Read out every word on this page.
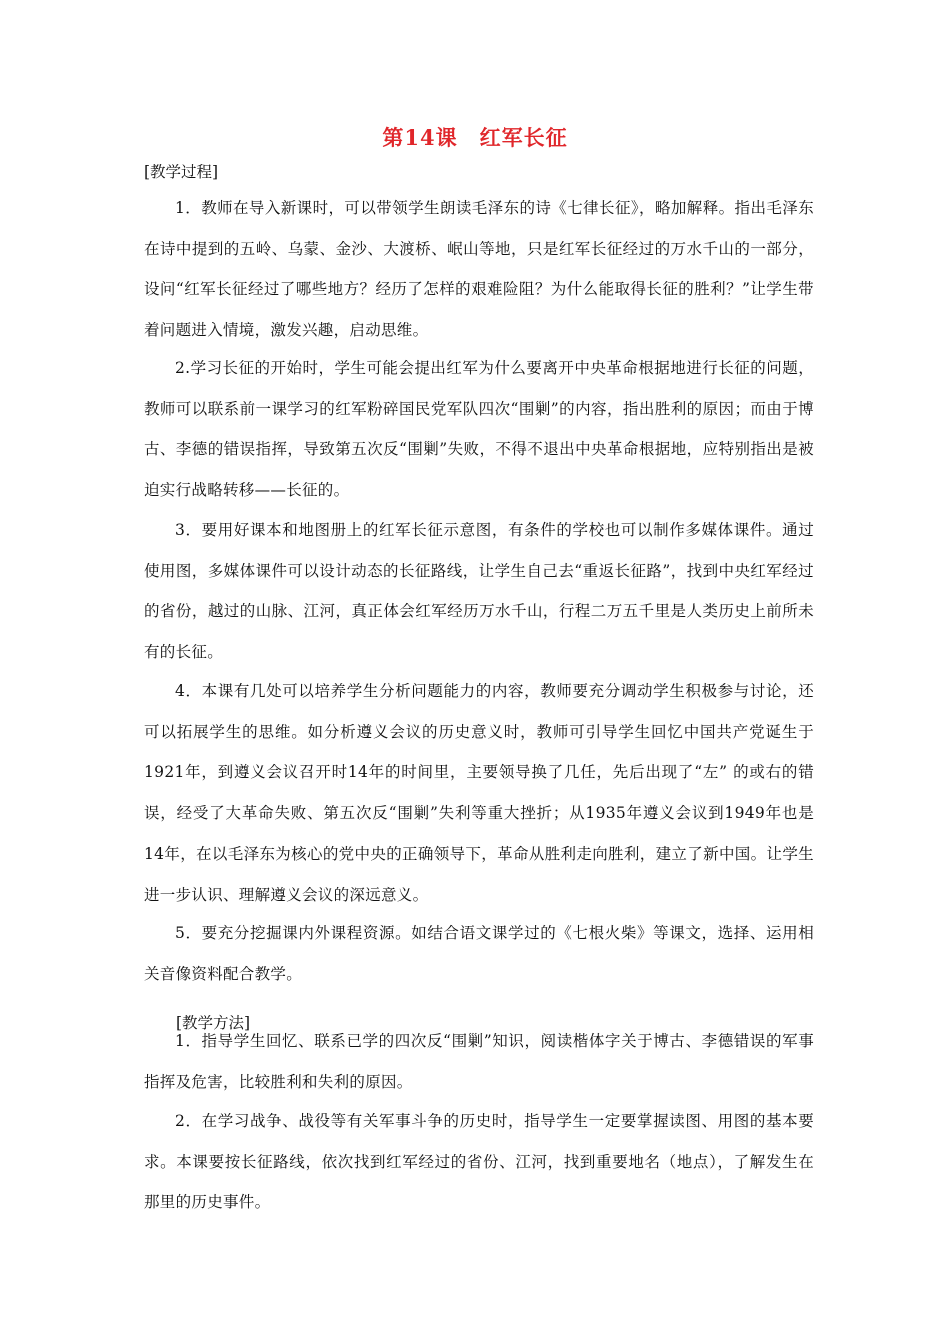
第14课　红军长征
[教学过程]

1．教师在导入新课时，可以带领学生朗读毛泽东的诗《七律长征》，略加解释。指出毛泽东在诗中提到的五岭、乌蒙、金沙、大渡桥、岷山等地，只是红军长征经过的万水千山的一部分，设问“红军长征经过了哪些地方？经历了怎样的艰难险阻？为什么能取得长征的胜利？”让学生带着问题进入情境，激发兴趣，启动思维。

2.学习长征的开始时，学生可能会提出红军为什么要离开中央革命根据地进行长征的问题，教师可以联系前一课学习的红军粉碎国民党军队四次“围剿”的内容，指出胜利的原因；而由于博古、李德的错误指挥，导致第五次反“围剿”失败，不得不退出中央革命根据地，应特别指出是被迫实行战略转移——长征的。

3．要用好课本和地图册上的红军长征示意图，有条件的学校也可以制作多媒体课件。通过使用图，多媒体课件可以设计动态的长征路线，让学生自己去“重返长征路”，找到中央红军经过的省份，越过的山脉、江河，真正体会红军经历万水千山，行程二万五千里是人类历史上前所未有的长征。

4．本课有几处可以培养学生分析问题能力的内容，教师要充分调动学生积极参与讨论，还可以拓展学生的思维。如分析遵义会议的历史意义时，教师可引导学生回忆中国共产党诞生于1921年，到遵义会议召开时14年的时间里，主要领导换了几任，先后出现了“左” 的或右的错误，经受了大革命失败、第五次反“围剿”失利等重大挫折；从1935年遵义会议到1949年也是14年，在以毛泽东为核心的党中央的正确领导下，革命从胜利走向胜利，建立了新中国。让学生进一步认识、理解遵义会议的深远意义。

5．要充分挖掘课内外课程资源。如结合语文课学过的《七根火柴》等课文，选择、运用相关音像资料配合教学。

[教学方法]

1．指导学生回忆、联系已学的四次反“围剿”知识，阅读楷体字关于博古、李德错误的军事指挥及危害，比较胜利和失利的原因。

2．在学习战争、战役等有关军事斗争的历史时，指导学生一定要掌握读图、用图的基本要求。本课要按长征路线，依次找到红军经过的省份、江河，找到重要地名（地点），了解发生在那里的历史事件。
